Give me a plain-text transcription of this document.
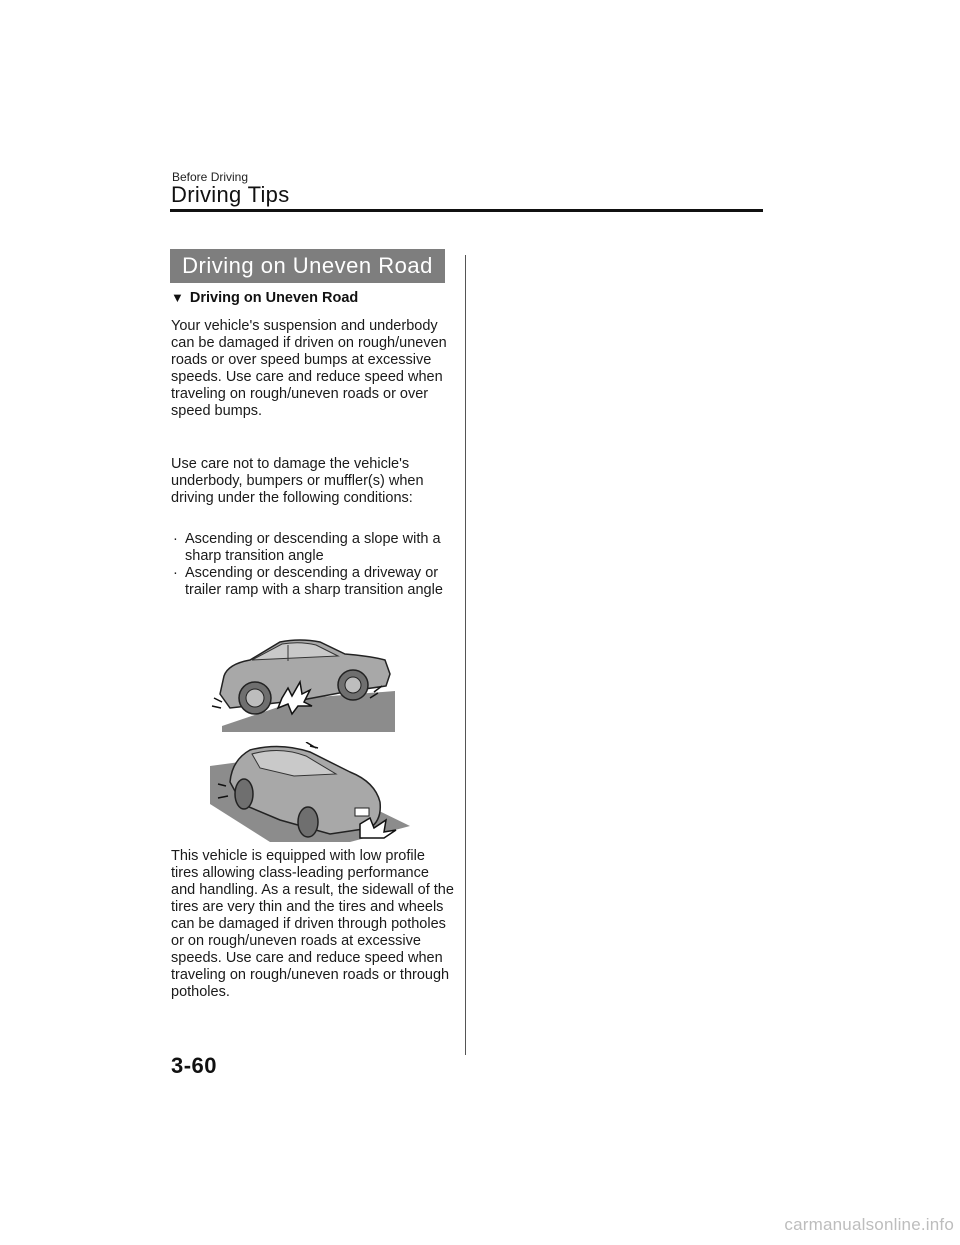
Before Driving
Driving Tips
Driving on Uneven Road
▼ Driving on Uneven Road

Your vehicle's suspension and underbody can be damaged if driven on rough/uneven roads or over speed bumps at excessive speeds. Use care and reduce speed when traveling on rough/uneven roads or over speed bumps.

Use care not to damage the vehicle's underbody, bumpers or muffler(s) when driving under the following conditions:

· Ascending or descending a slope with a sharp transition angle
· Ascending or descending a driveway or trailer ramp with a sharp transition angle

This vehicle is equipped with low profile tires allowing class-leading performance and handling. As a result, the sidewall of the tires are very thin and the tires and wheels can be damaged if driven through potholes or on rough/uneven roads at excessive speeds. Use care and reduce speed when traveling on rough/uneven roads or through potholes.

3-60
carmanualsonline.info
